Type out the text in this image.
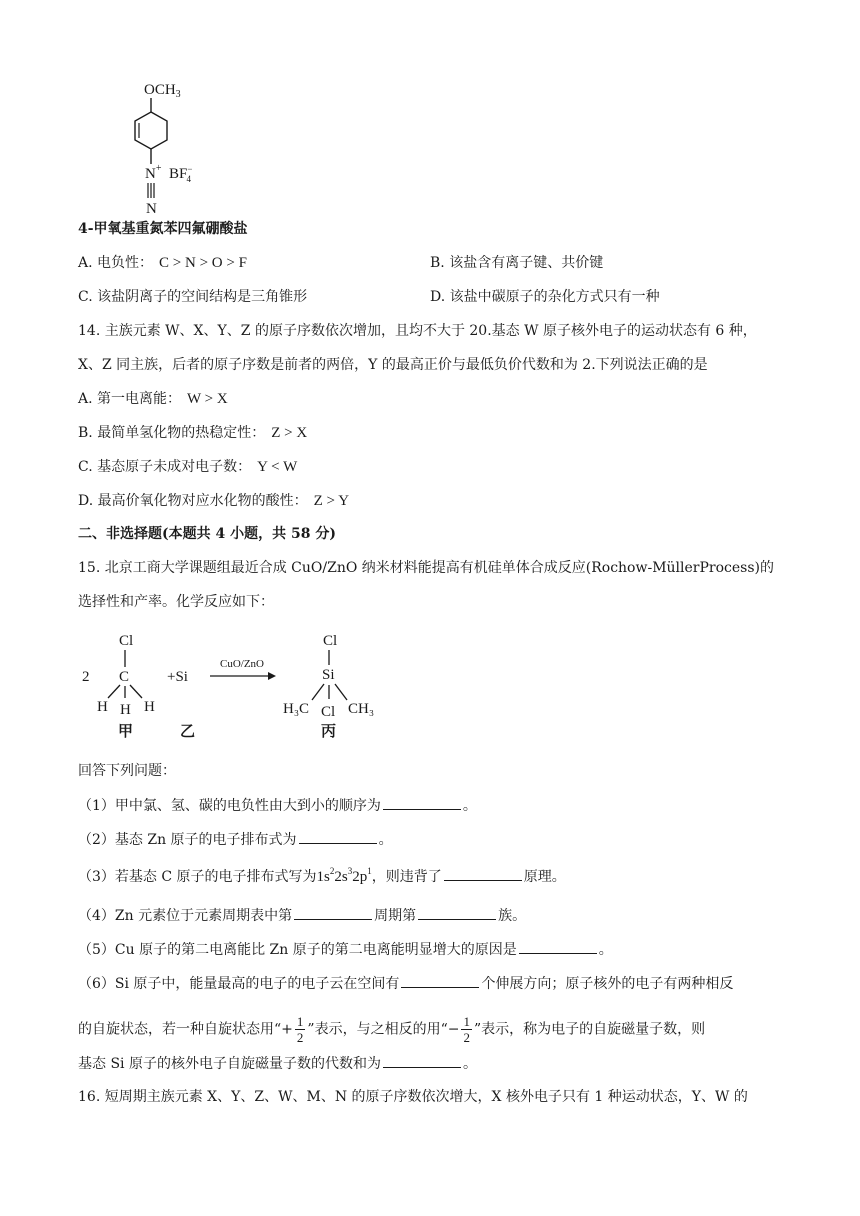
$OCH_3$
N+ BF− 4
N
4-甲氧基重氮苯四氟硼酸盐
A. 电负性： C > N > O > F	B. 该盐含有离子键、共价键
C. 该盐阴离子的空间结构是三角锥形	D. 该盐中碳原子的杂化方式只有一种
14. 主族元素 W、X、Y、Z 的原子序数依次增加，且均不大于 20.基态 W 原子核外电子的运动状态有 6 种，
X、Z 同主族，后者的原子序数是前者的两倍，Y 的最高正价与最低负价代数和为 2.下列说法正确的是
A. 第一电离能： W > X
B. 最简单氢化物的热稳定性： Z > X
C. 基态原子未成对电子数： Y < W
D. 最高价氧化物对应水化物的酸性： Z > Y
二、非选择题(本题共 4 小题，共 58 分)
15. 北京工商大学课题组最近合成 CuO/ZnO 纳米材料能提高有机硅单体合成反应(Rochow-MüllerProcess)的
选择性和产率。化学反应如下：
2
Cl
C
H H H
甲
+Si
乙
CuO/ZnO
Cl
Si
H₃C Cl CH₃
丙
回答下列问题：
（1）甲中氯、氢、碳的电负性由大到小的顺序为	。
（2）基态 Zn 原子的电子排布式为	。
（3）若基态 C 原子的电子排布式写为$1s^22s^32p^1$，则违背了	原理。
（4）Zn 元素位于元素周期表中第	周期第	族。
（5）Cu 原子的第二电离能比 Zn 原子的第二电离能明显增大的原因是	。
（6）Si 原子中，能量最高的电子的电子云在空间有	个伸展方向；原子核外的电子有两种相反
的自旋状态，若一种自旋状态用“+ $\frac{1}{2}$ ”表示，与之相反的用“− $\frac{1}{2}$ ”表示，称为电子的自旋磁量子数，则
基态 Si 原子的核外电子自旋磁量子数的代数和为	。
16. 短周期主族元素 X、Y、Z、W、M、N 的原子序数依次增大，X 核外电子只有 1 种运动状态，Y、W 的
